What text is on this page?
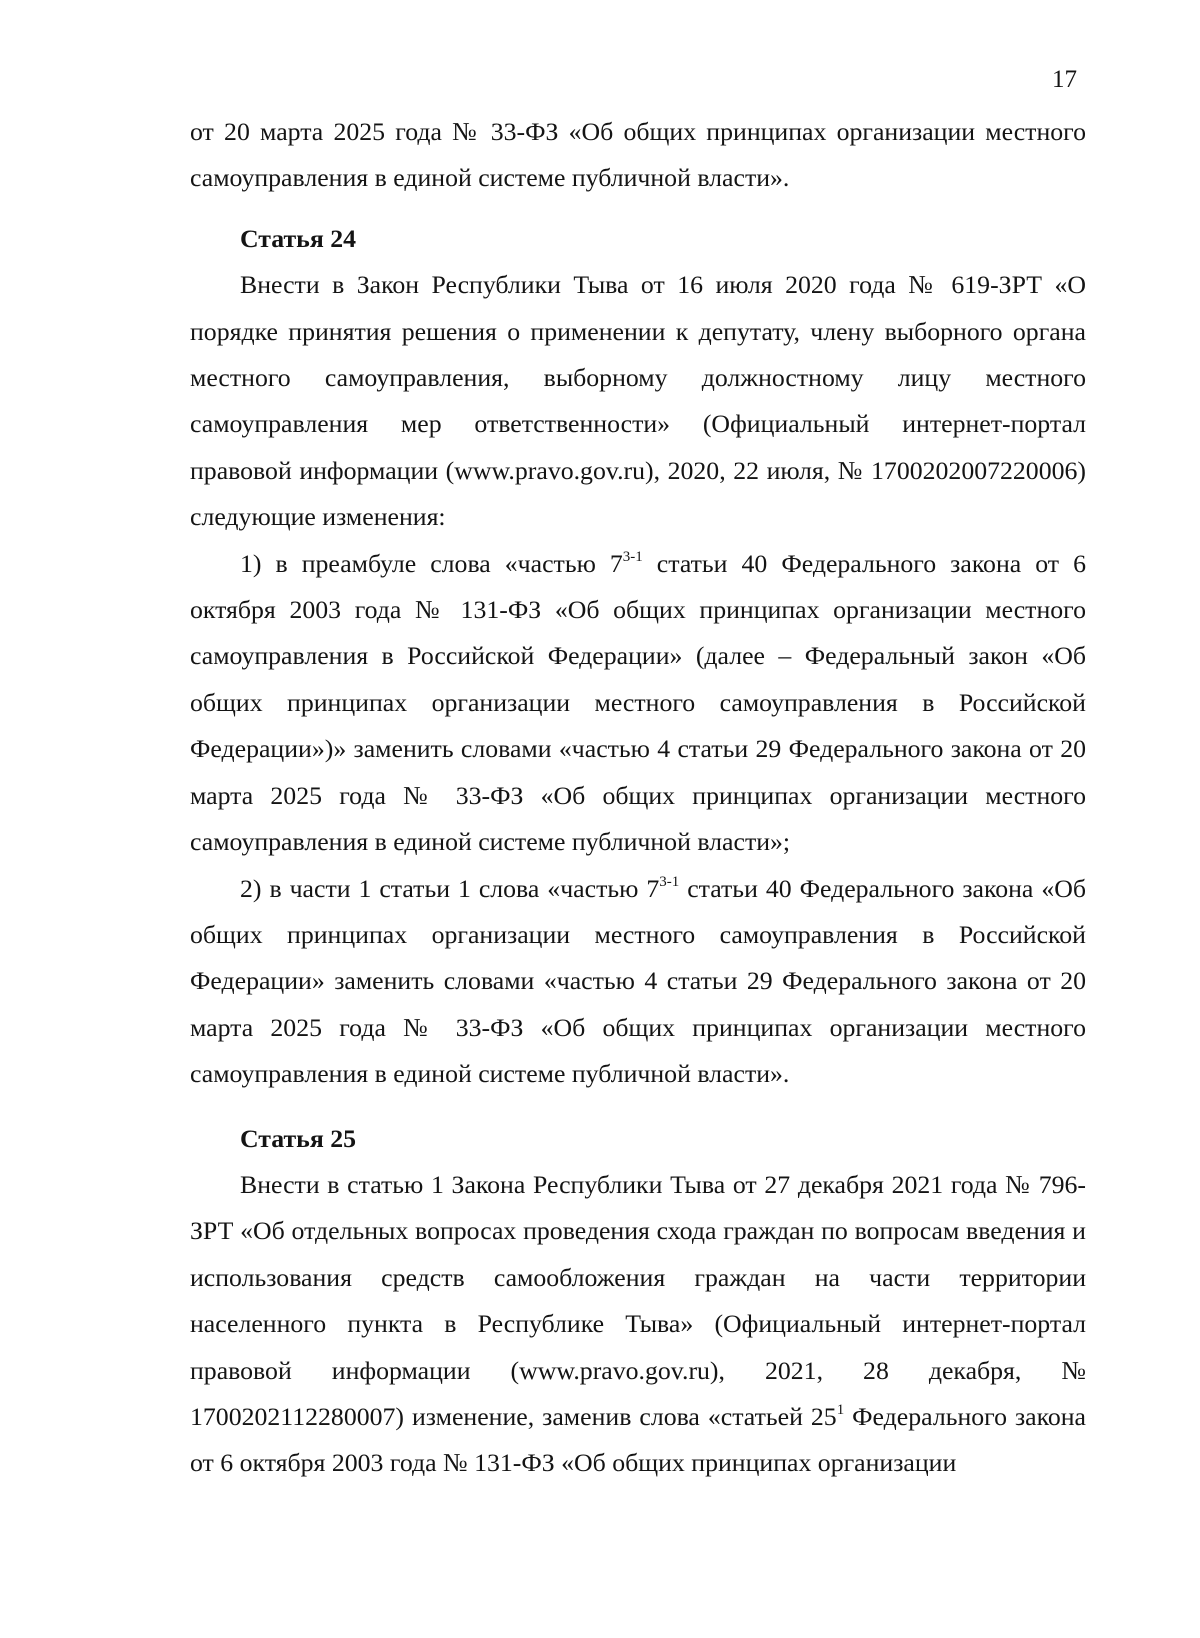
17

от 20 марта 2025 года № 33-ФЗ «Об общих принципах организации местного самоуправления в единой системе публичной власти».

Статья 24

Внести в Закон Республики Тыва от 16 июля 2020 года № 619-ЗРТ «О порядке принятия решения о применении к депутату, члену выборного органа местного самоуправления, выборному должностному лицу местного самоуправления мер ответственности» (Официальный интернет-портал правовой информации (www.pravo.gov.ru), 2020, 22 июля, № 1700202007220006) следующие изменения:

1) в преамбуле слова «частью 7$^{3-1}$ статьи 40 Федерального закона от 6 октября 2003 года № 131-ФЗ «Об общих принципах организации местного самоуправления в Российской Федерации» (далее – Федеральный закон «Об общих принципах организации местного самоуправления в Российской Федерации»)» заменить словами «частью 4 статьи 29 Федерального закона от 20 марта 2025 года № 33-ФЗ «Об общих принципах организации местного самоуправления в единой системе публичной власти»;

2) в части 1 статьи 1 слова «частью 7$^{3-1}$ статьи 40 Федерального закона «Об общих принципах организации местного самоуправления в Российской Федерации» заменить словами «частью 4 статьи 29 Федерального закона от 20 марта 2025 года № 33-ФЗ «Об общих принципах организации местного самоуправления в единой системе публичной власти».

Статья 25

Внести в статью 1 Закона Республики Тыва от 27 декабря 2021 года № 796-ЗРТ «Об отдельных вопросах проведения схода граждан по вопросам введения и использования средств самообложения граждан на части территории населенного пункта в Республике Тыва» (Официальный интернет-портал правовой информации (www.pravo.gov.ru), 2021, 28 декабря, № 1700202112280007) изменение, заменив слова «статьей $25^1$ Федерального закона от 6 октября 2003 года № 131-ФЗ «Об общих принципах организации
